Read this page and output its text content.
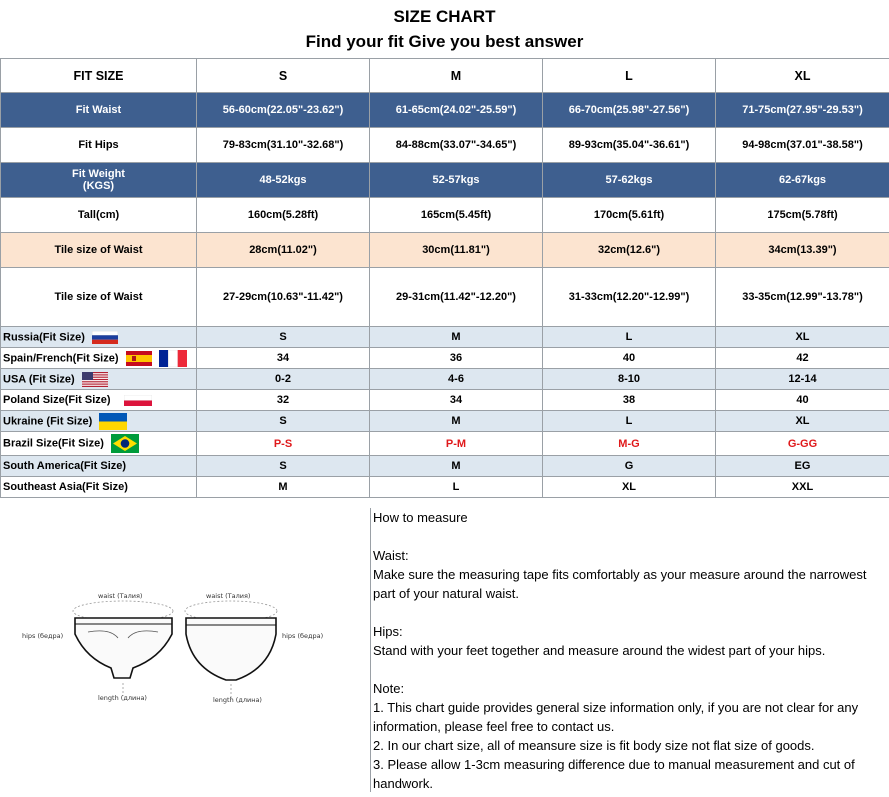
SIZE CHART
Find your fit Give you best answer
FIT SIZE	S	M	L	XL
Fit Waist	56-60cm(22.05"-23.62")	61-65cm(24.02"-25.59")	66-70cm(25.98"-27.56")	71-75cm(27.95"-29.53")
Fit Hips	79-83cm(31.10"-32.68")	84-88cm(33.07"-34.65")	89-93cm(35.04"-36.61")	94-98cm(37.01"-38.58")

Fit Weight
(KGS)	48-52kgs	52-57kgs	57-62kgs	62-67kgs
Tall(cm)	160cm(5.28ft)	165cm(5.45ft)	170cm(5.61ft)	175cm(5.78ft)
Tile size of Waist	28cm(11.02")	30cm(11.81")	32cm(12.6")	34cm(13.39")
Tile size of Waist	27-29cm(10.63"-11.42")	29-31cm(11.42"-12.20")	31-33cm(12.20"-12.99")	33-35cm(12.99"-13.78")
Russia(Fit Size)	S	M	L	XL
Spain/French(Fit Size)	34	36	40	42
USA (Fit Size)	0-2	4-6	8-10	12-14
Poland Size(Fit Size)	32	34	38	40
Ukraine (Fit Size)	S	M	L	XL
Brazil Size(Fit Size)	P-S	P-M	M-G	G-GG
South America(Fit Size)	S	M	G	EG
Southeast Asia(Fit Size)	M	L	XL	XXL
waist (Талия)
hips (бедра)
length (длина)
waist (Талия)
hips (бедра)
length (длина)

How to measure

Waist:

Make sure the measuring tape fits comfortably as your measure around the narrowest part of your natural waist.

Hips:

Stand with your feet together and measure around the widest part of your hips.

Note:

1. This chart guide provides general size information only, if you are not clear for any information, please feel free to contact us.

2. In our chart size, all of meansure size is fit body size not flat size of goods.

3. Please allow 1-3cm measuring difference due to manual measurement and cut of handwork.
